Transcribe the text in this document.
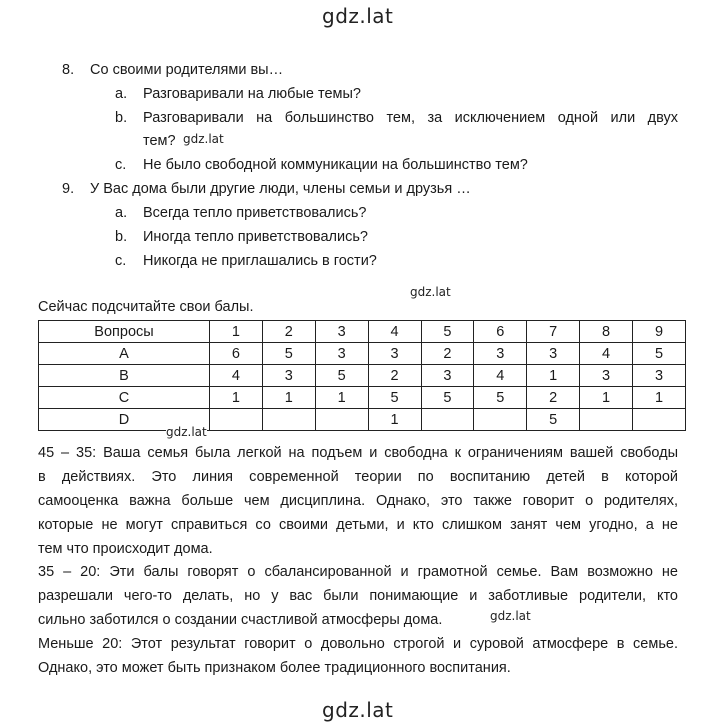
gdz.lat
8. Со своими родителями вы…
a. Разговаривали на любые темы?
b. Разговаривали на большинство тем, за исключением одной или двух
тем? gdz.lat
c. Не было свободной коммуникации на большинство тем?
9. У Вас дома были другие люди, члены семьи и друзья …
a. Всегда тепло приветствовались?
b. Иногда тепло приветствовались?
c. Никогда не приглашались в гости?
gdz.lat
Сейчас подсчитайте свои балы.
Вопросы	1	2	3	4	5	6	7	8	9
A	6	5	3	3	2	3	3	4	5
B	4	3	5	2	3	4	1	3	3
C	1	1	1	5	5	5	2	1	1
D				1			5		
gdz.lat
45 – 35: Ваша семья была легкой на подъем и свободна к ограничениям вашей свободы
в действиях. Это линия современной теории по воспитанию детей в которой
самооценка важна больше чем дисциплина. Однако, это также говорит о родителях,
которые не могут справиться со своими детьми, и кто слишком занят чем угодно, а не
тем что происходит дома.
35 – 20: Эти балы говорят о сбалансированной и грамотной семье. Вам возможно не
разрешали чего-то делать, но у вас были понимающие и заботливые родители, кто
сильно заботился о создании счастливой атмосферы дома.	gdz.lat
Меньше 20: Этот результат говорит о довольно строгой и суровой атмосфере в семье.
Однако, это может быть признаком более традиционного воспитания.
gdz.lat
